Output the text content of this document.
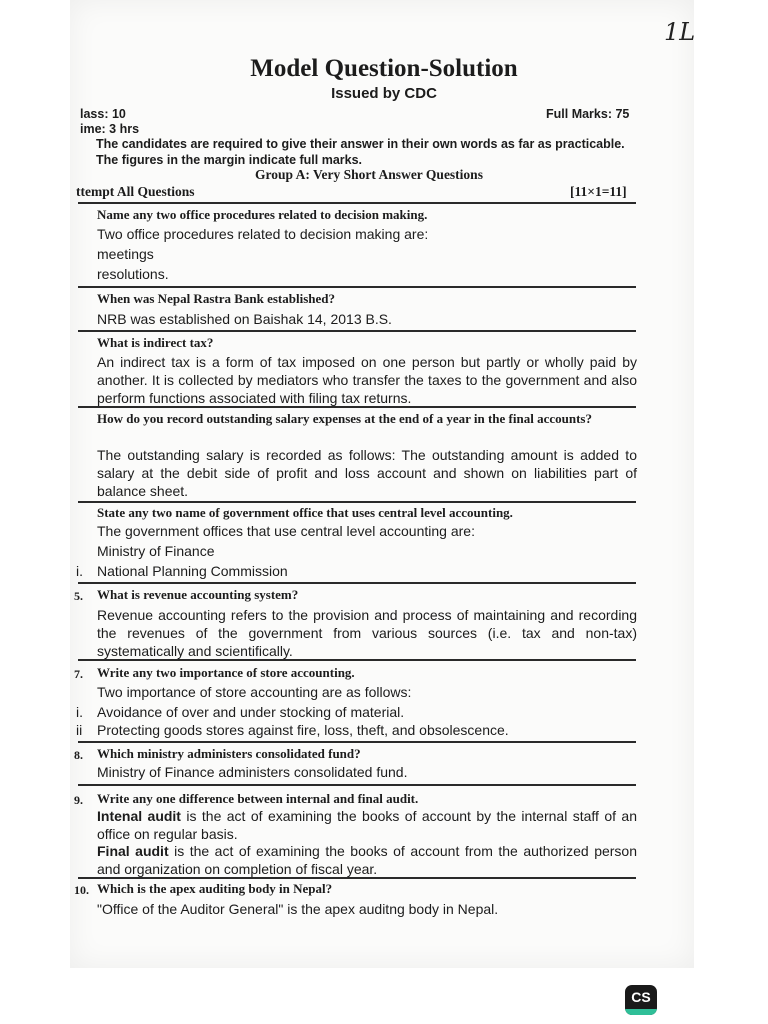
1L
Model Question-Solution
Issued by CDC
lass: 10	Full Marks: 75
ime: 3 hrs
The candidates are required to give their answer in their own words as far as practicable. The figures in the margin indicate full marks.
Group A: Very Short Answer Questions
ttempt All Questions	[11×1=11]
Name any two office procedures related to decision making.
Two office procedures related to decision making are:
meetings
resolutions.
When was Nepal Rastra Bank established?
NRB was established on Baishak 14, 2013 B.S.
What is indirect tax?
An indirect tax is a form of tax imposed on one person but partly or wholly paid by another. It is collected by mediators who transfer the taxes to the government and also perform functions associated with filing tax returns.
How do you record outstanding salary expenses at the end of a year in the final accounts?
The outstanding salary is recorded as follows: The outstanding amount is added to salary at the debit side of profit and loss account and shown on liabilities part of balance sheet.
State any two name of government office that uses central level accounting.
The government offices that use central level accounting are:
Ministry of Finance
i. National Planning Commission
5. What is revenue accounting system?
Revenue accounting refers to the provision and process of maintaining and recording the revenues of the government from various sources (i.e. tax and non-tax) systematically and scientifically.
7. Write any two importance of store accounting.
Two importance of store accounting are as follows:
i. Avoidance of over and under stocking of material.
ii Protecting goods stores against fire, loss, theft, and obsolescence.
8. Which ministry administers consolidated fund?
Ministry of Finance administers consolidated fund.
9. Write any one difference between internal and final audit.
Intenal audit is the act of examining the books of account by the internal staff of an office on regular basis.
Final audit is the act of examining the books of account from the authorized person and organization on completion of fiscal year.
10. Which is the apex auditing body in Nepal?
"Office of the Auditor General" is the apex auditng body in Nepal.
CS
